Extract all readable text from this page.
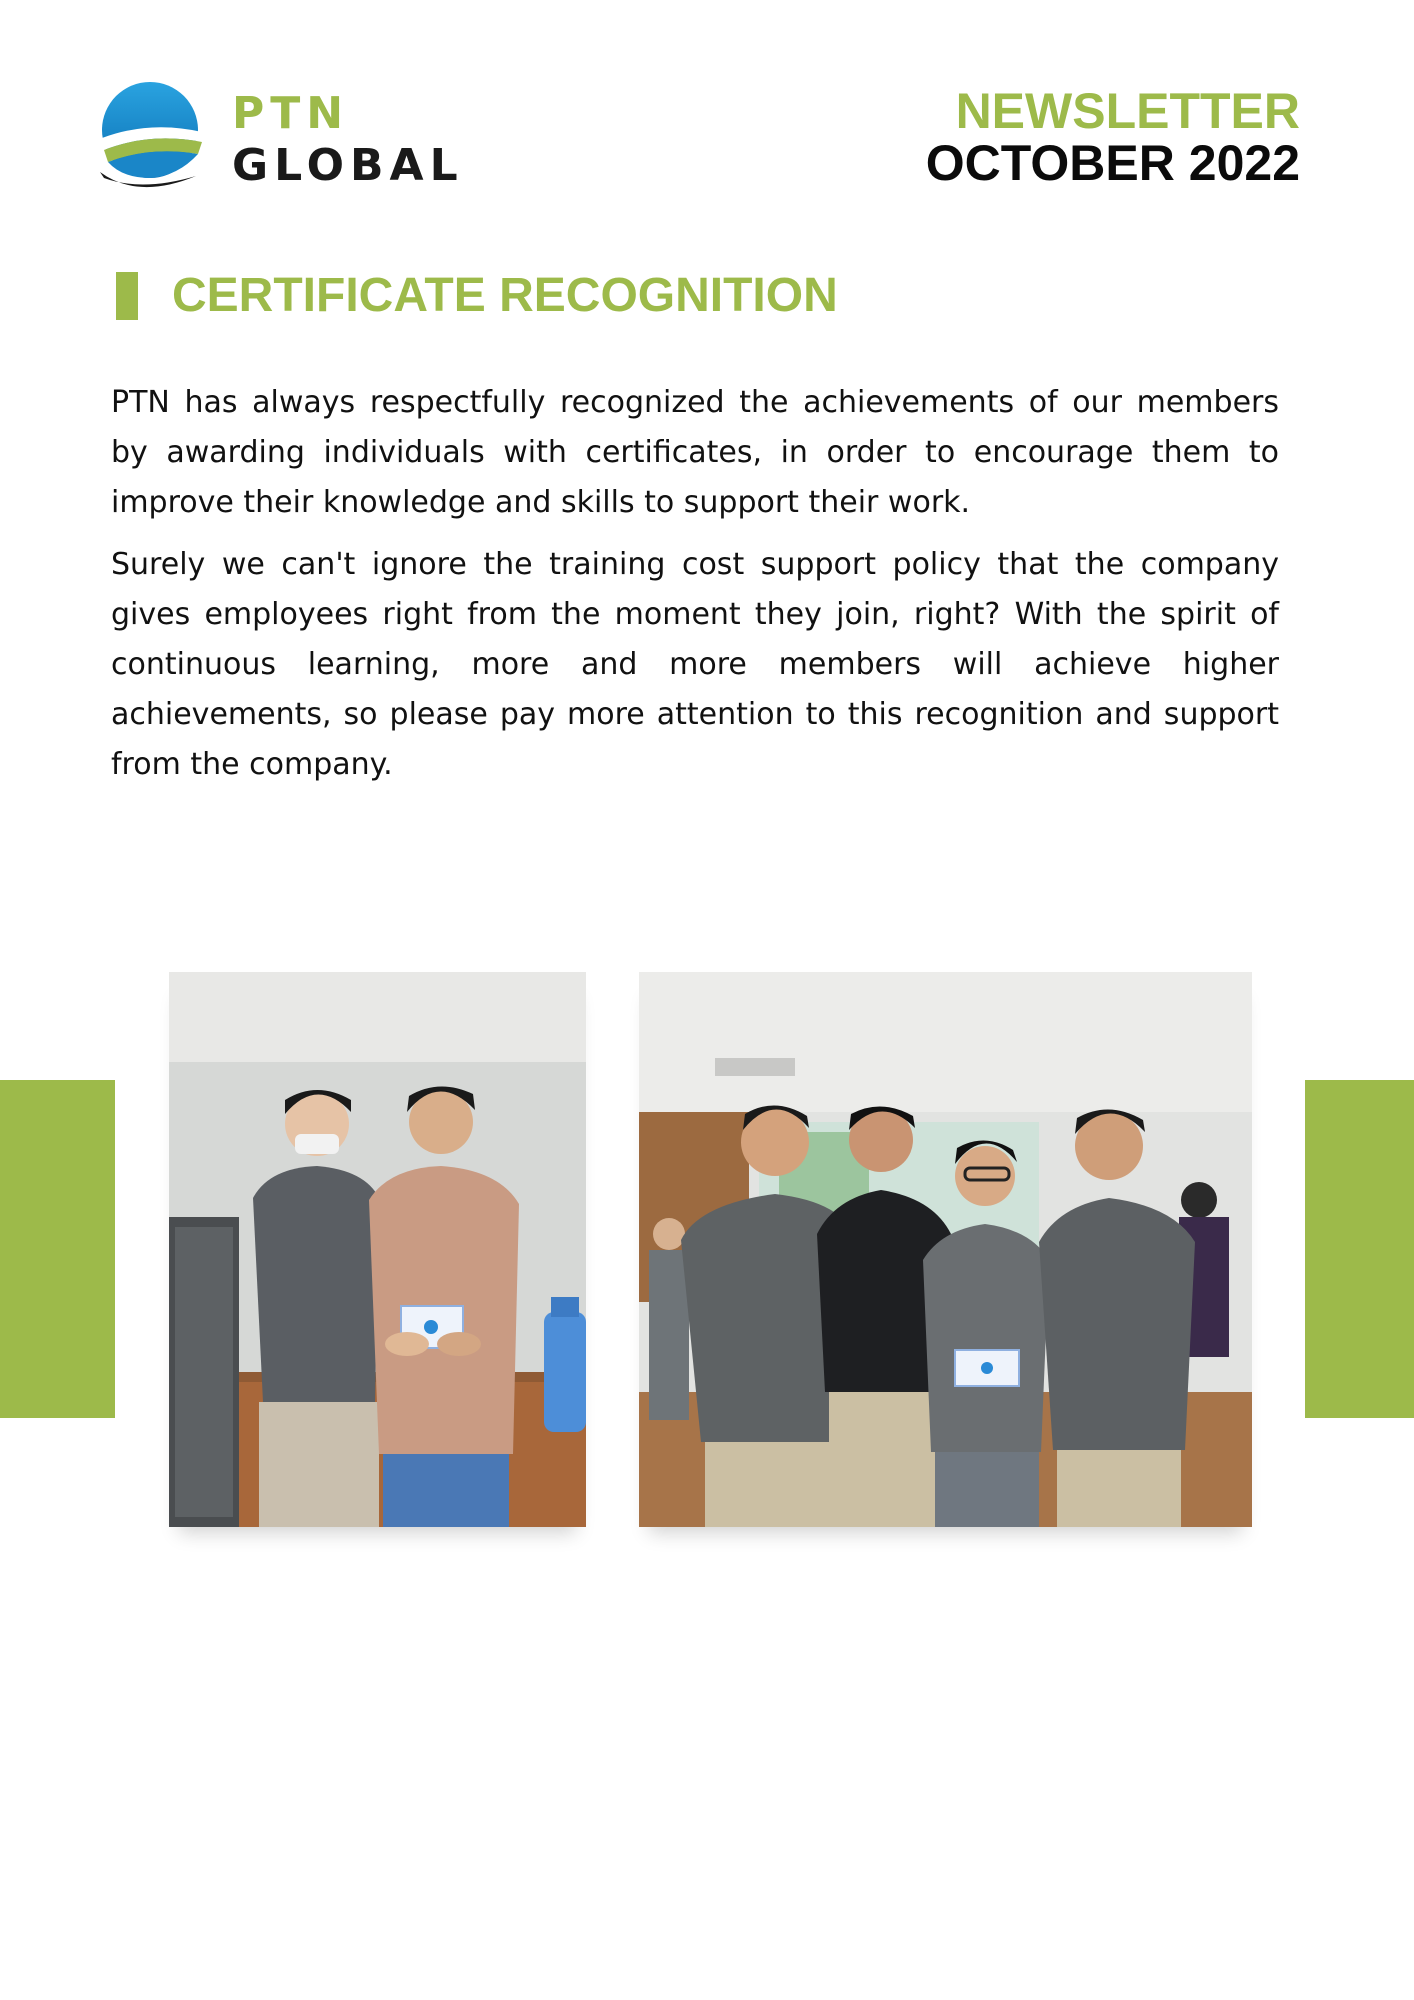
PTN
GLOBAL
NEWSLETTER
OCTOBER 2022
CERTIFICATE RECOGNITION

PTN has always respectfully recognized the achievements of our members by awarding individuals with certificates, in order to encourage them to improve their knowledge and skills to support their work.

Surely we can't ignore the training cost support policy that the company gives employees right from the moment they join, right? With the spirit of continuous learning, more and more members will achieve higher achievements, so please pay more attention to this recognition and support from the company.
